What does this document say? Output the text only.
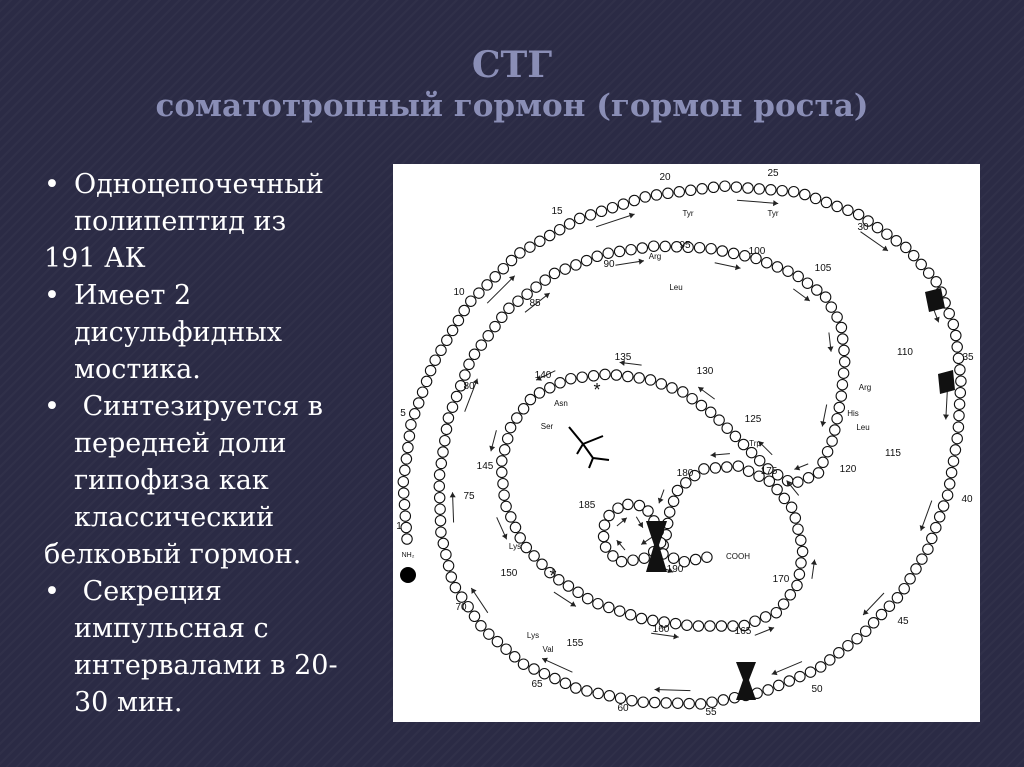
СТГ
соматотропный гормон (гормон роста)
• Одноцепочечный
полипептид из
191 АК
• Имеет 2
дисульфидных
мостика.
• Синтезируется в
передней доли
гипофиза как
классический
белковый гормон.
• Секреция
импульсная с
интервалами в 20-
30 мин.
1
5
10
15
20	25
30
35
40
45
50
55
60
65
70
75
80
85
90
95
100
105
110
115
120
125
130
135
140
145
150
155
160	165
170
175
180
185
190
Arg
Tyr	Tyr
Leu
Arg
Leu
His
Asn
Ser
Trp
Lys
Lys
Val
NH₂	COOH
*
*
